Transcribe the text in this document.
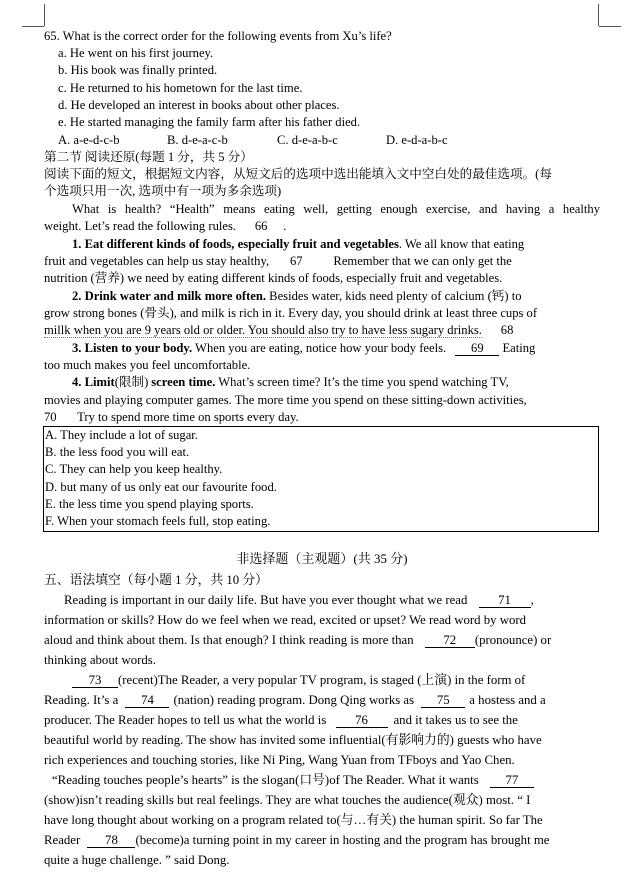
65. What is the correct order for the following events from Xu’s life?
a. He went on his first journey.
b. His book was finally printed.
c. He returned to his hometown for the last time.
d. He developed an interest in books about other places.
e. He started managing the family farm after his father died.
A. a-e-d-c-b	B. d-e-a-c-b	C. d-e-a-b-c	D. e-d-a-b-c
第二节 阅读还原(每题 1 分，共 5 分）
阅读下面的短文，根据短文内容，从短文后的选项中选出能填入文中空白处的最佳选项。(每
个选项只用一次, 选项中有一项为多余选项)
What is health? “Health” means eating well, getting enough exercise, and having a healthy
weight. Let’s read the following rules. 66 .
1. Eat different kinds of foods, especially fruit and vegetables. We all know that eating
fruit and vegetables can help us stay healthy, 67 Remember that we can only get the
nutrition (营养) we need by eating different kinds of foods, especially fruit and vegetables.
2. Drink water and milk more often. Besides water, kids need plenty of calcium (钙) to
grow strong bones (骨头), and milk is rich in it. Every day, you should drink at least three cups of
millk when you are 9 years old or older. You should also try to have less sugary drinks. 68
3. Listen to your body. When you are eating, notice how your body feels. 69 Eating
too much makes you feel uncomfortable.
4. Limit(限制) screen time. What’s screen time? It’s the time you spend watching TV,
movies and playing computer games. The more time you spend on these sitting-down activities,
70 Try to spend more time on sports every day.
A. They include a lot of sugar.
B. the less food you will eat.
C. They can help you keep healthy.
D. but many of us only eat our favourite food.
E. the less time you spend playing sports.
F. When your stomach feels full, stop eating.
非选择题（主观题）(共 35 分)
五、语法填空（每小题 1 分，共 10 分）
Reading is important in our daily life. But have you ever thought what we read 71 ,
information or skills? How do we feel when we read, excited or upset? We read word by word
aloud and think about them. Is that enough? I think reading is more than 72 (pronounce) or
thinking about words.
73 (recent)The Reader, a very popular TV program, is staged (上演) in the form of
Reading. It’s a 74 (nation) reading program. Dong Qing works as 75 a hostess and a
producer. The Reader hopes to tell us what the world is 76 and it takes us to see the
beautiful world by reading. The show has invited some influential(有影响力的) guests who have
rich experiences and touching stories, like Ni Ping, Wang Yuan from TFboys and Yao Chen.
“Reading touches people’s hearts” is the slogan(口号)of The Reader. What it wants 77
(show)isn’t reading skills but real feelings. They are what touches the audience(观众) most. “ I
have long thought about working on a program related to(与…有关) the human spirit. So far The
Reader 78 (become)a turning point in my career in hosting and the program has brought me
quite a huge challenge. ” said Dong.
